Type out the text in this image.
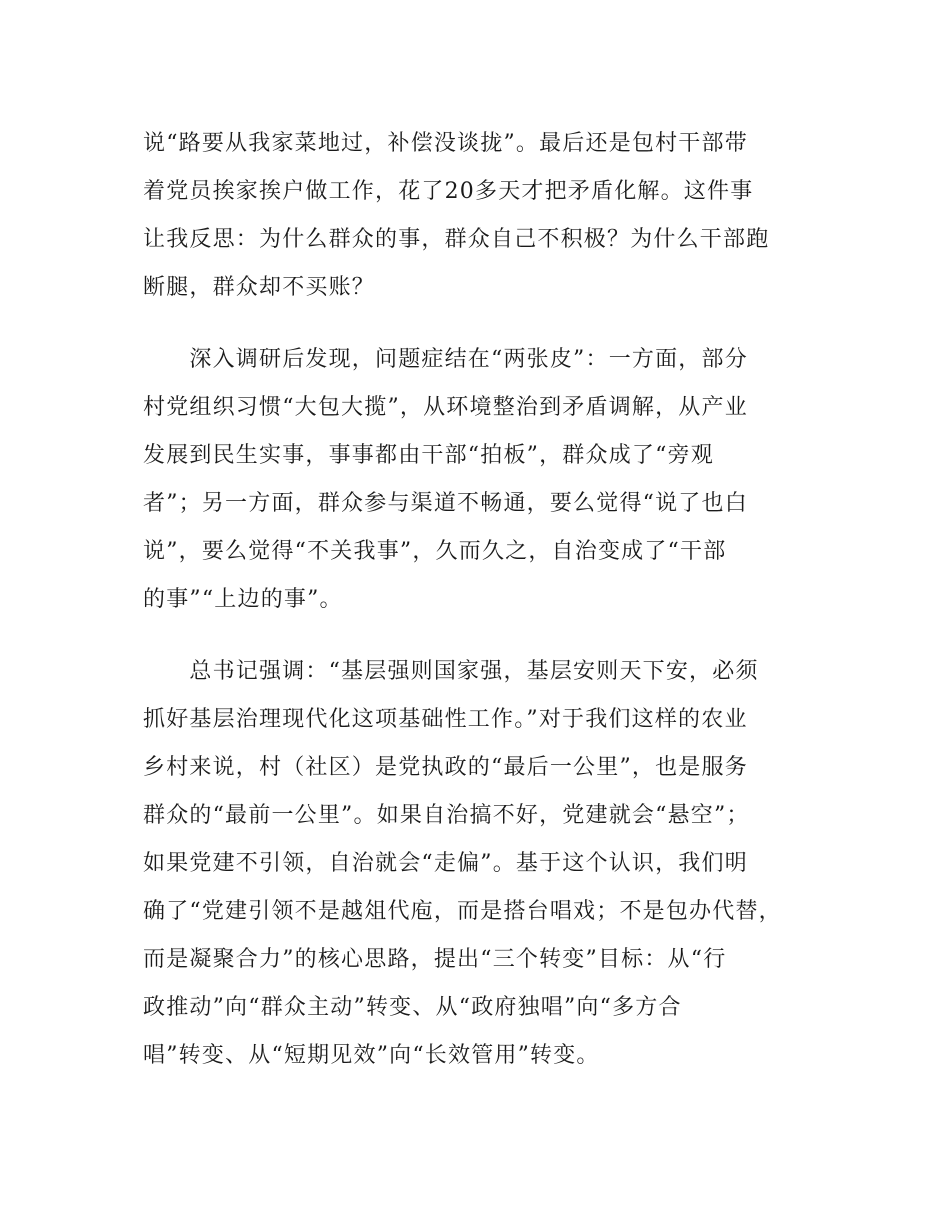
说“路要从我家菜地过，补偿没谈拢”。最后还是包村干部带
着党员挨家挨户做工作，花了20多天才把矛盾化解。这件事
让我反思：为什么群众的事，群众自己不积极？为什么干部跑
断腿，群众却不买账？
　　深入调研后发现，问题症结在“两张皮”：一方面，部分
村党组织习惯“大包大揽”，从环境整治到矛盾调解，从产业
发展到民生实事，事事都由干部“拍板”，群众成了“旁观
者”；另一方面，群众参与渠道不畅通，要么觉得“说了也白
说”，要么觉得“不关我事”，久而久之，自治变成了“干部
的事”“上边的事”。
　　总书记强调：“基层强则国家强，基层安则天下安，必须
抓好基层治理现代化这项基础性工作。”对于我们这样的农业
乡村来说，村（社区）是党执政的“最后一公里”，也是服务
群众的“最前一公里”。如果自治搞不好，党建就会“悬空”；
如果党建不引领，自治就会“走偏”。基于这个认识，我们明
确了“党建引领不是越俎代庖，而是搭台唱戏；不是包办代替，
而是凝聚合力”的核心思路，提出“三个转变”目标：从“行
政推动”向“群众主动”转变、从“政府独唱”向“多方合
唱”转变、从“短期见效”向“长效管用”转变。
